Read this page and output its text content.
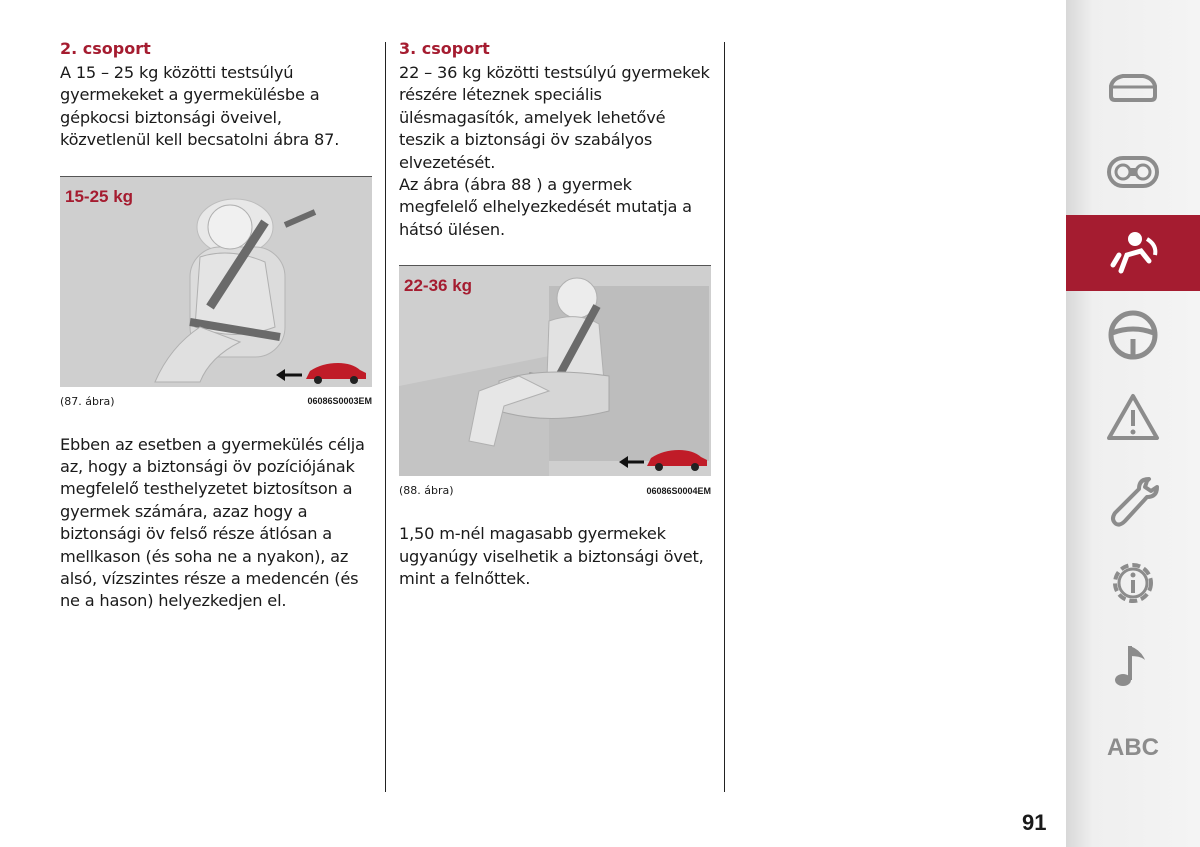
2. csoport

A 15 – 25 kg közötti testsúlyú gyermekeket a gyermekülésbe a gépkocsi biztonsági öveivel, közvetlenül kell becsatolni ábra 87.

15-25 kg
(87. ábra)	06086S0003EM

Ebben az esetben a gyermekülés célja az, hogy a biztonsági öv pozíciójának megfelelő testhelyzetet biztosítson a gyermek számára, azaz hogy a biztonsági öv felső része átlósan a mellkason (és soha ne a nyakon), az alsó, vízszintes része a medencén (és ne a hason) helyezkedjen el.

3. csoport

22 – 36 kg közötti testsúlyú gyermekek részére léteznek speciális ülésmagasítók, amelyek lehetővé teszik a biztonsági öv szabályos elvezetését.

Az ábra (ábra 88 ) a gyermek megfelelő elhelyezkedését mutatja a hátsó ülésen.

22-36 kg
(88. ábra)	06086S0004EM

1,50 m-nél magasabb gyermekek ugyanúgy viselhetik a biztonsági övet, mint a felnőttek.

ABC
91
